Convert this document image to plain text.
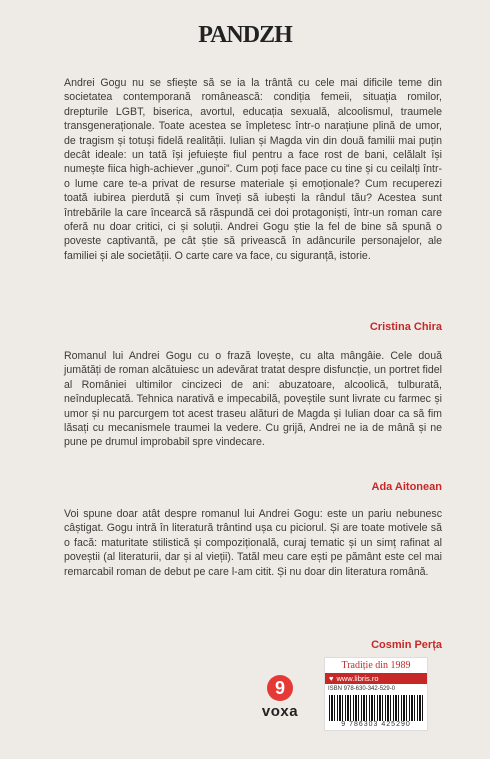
PANDZH

Andrei Gogu nu se sfiește să se ia la trântă cu cele mai dificile teme din societatea contemporană românească: condiția femeii, situația romilor, drepturile LGBT, biserica, avortul, educația sexuală, alcoolismul, traumele transgeneraționale. Toate acestea se împletesc într-o narațiune plină de umor, de tragism și totuși fidelă realității. Iulian și Magda vin din două familii mai puțin decât ideale: un tată își jefuiește fiul pentru a face rost de bani, celălalt își numește fiica high-achiever „gunoi”. Cum poți face pace cu tine și cu ceilalți într-o lume care te-a privat de resurse materiale și emoționale? Cum recuperezi toată iubirea pierdută și cum înveți să iubești la rândul tău? Acestea sunt întrebările la care încearcă să răspundă cei doi protagoniști, într-un roman care oferă nu doar critici, ci și soluții. Andrei Gogu știe la fel de bine să spună o poveste captivantă, pe cât știe să privească în adâncurile personajelor, ale familiei și ale societății. O carte care va face, cu siguranță, istorie.

Cristina Chira

Romanul lui Andrei Gogu cu o frază lovește, cu alta mângâie. Cele două jumătăți de roman alcătuiesc un adevărat tratat despre disfuncție, un portret fidel al României ultimilor cincizeci de ani: abuzatoare, alcoolică, tulburată, neînduplecată. Tehnica narativă e impecabilă, poveștile sunt livrate cu farmec și umor și nu parcurgem tot acest traseu alături de Magda și Iulian doar ca să fim lăsați cu mecanismele traumei la vedere. Cu grijă, Andrei ne ia de mână și ne pune pe drumul improbabil spre vindecare.

Ada Aitonean

Voi spune doar atât despre romanul lui Andrei Gogu: este un pariu nebunesc câștigat. Gogu intră în literatură trântind ușa cu piciorul. Și are toate motivele să o facă: maturitate stilistică și compozițională, curaj tematic și un simț rafinat al poveștii (al literaturii, dar și al vieții). Tatăl meu care ești pe pământ este cel mai remarcabil roman de debut pe care l-am citit. Și nu doar din literatura română.

Cosmin Perța
9
voxa
Tradiție din 1989
♥ www.libris.ro
ISBN 978-630-342-529-0
9 786303 425290
